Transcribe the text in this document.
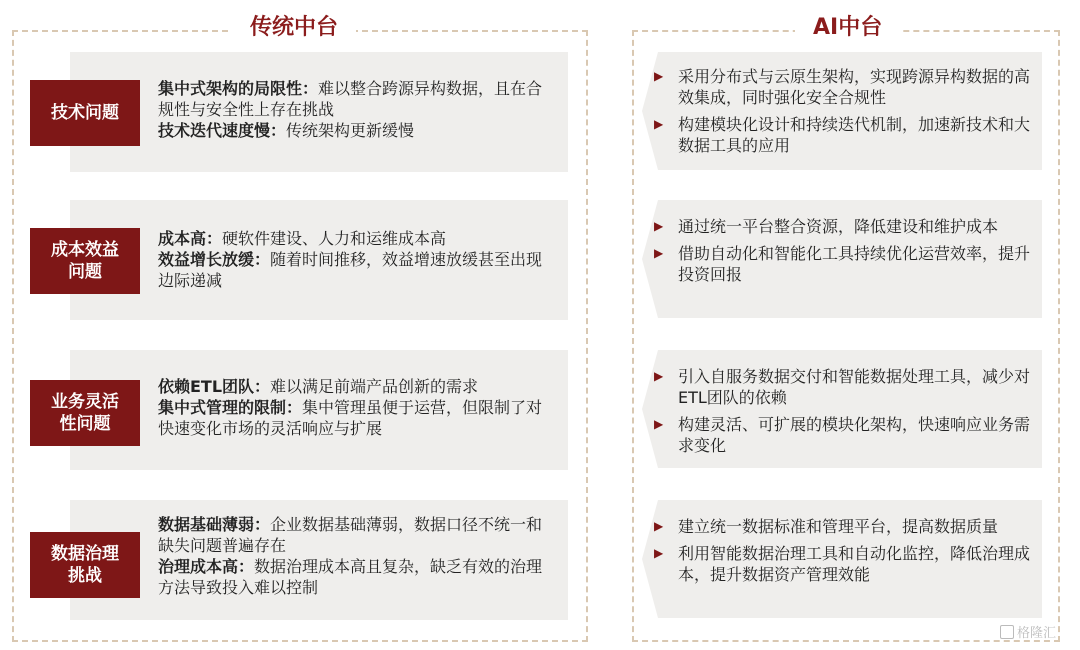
传统中台	AI中台
技术问题
集中式架构的局限性：难以整合跨源异构数据，且在合规性与安全性上存在挑战
技术迭代速度慢：传统架构更新缓慢
▶ 采用分布式与云原生架构，实现跨源异构数据的高效集成，同时强化安全合规性
▶ 构建模块化设计和持续迭代机制，加速新技术和大数据工具的应用
成本效益问题
成本高：硬软件建设、人力和运维成本高
效益增长放缓：随着时间推移，效益增速放缓甚至出现边际递减
▶ 通过统一平台整合资源，降低建设和维护成本
▶ 借助自动化和智能化工具持续优化运营效率，提升投资回报
业务灵活性问题
依赖ETL团队：难以满足前端产品创新的需求
集中式管理的限制：集中管理虽便于运营，但限制了对快速变化市场的灵活响应与扩展
▶ 引入自服务数据交付和智能数据处理工具，减少对ETL团队的依赖
▶ 构建灵活、可扩展的模块化架构，快速响应业务需求变化
数据治理挑战
数据基础薄弱：企业数据基础薄弱，数据口径不统一和缺失问题普遍存在
治理成本高：数据治理成本高且复杂，缺乏有效的治理方法导致投入难以控制
▶ 建立统一数据标准和管理平台，提高数据质量
▶ 利用智能数据治理工具和自动化监控，降低治理成本，提升数据资产管理效能
格隆汇
